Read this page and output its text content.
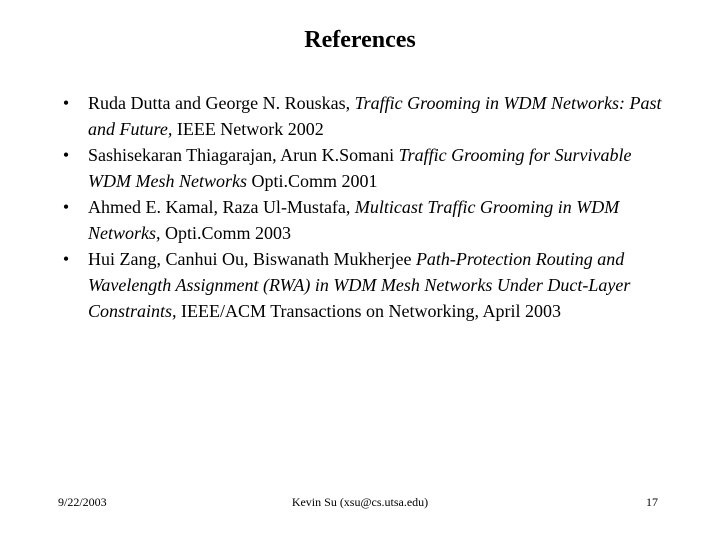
References
•	Ruda Dutta and George N. Rouskas, Traffic Grooming in WDM Networks: Past and Future, IEEE Network 2002
•	Sashisekaran Thiagarajan, Arun K.Somani Traffic Grooming for Survivable WDM Mesh Networks Opti.Comm 2001
•	Ahmed E. Kamal, Raza Ul-Mustafa, Multicast Traffic Grooming in WDM Networks, Opti.Comm 2003
•	Hui Zang, Canhui Ou, Biswanath Mukherjee Path-Protection Routing and Wavelength Assignment (RWA) in WDM Mesh Networks Under Duct-Layer Constraints, IEEE/ACM Transactions on Networking, April 2003
9/22/2003	Kevin Su (xsu@cs.utsa.edu)	17
